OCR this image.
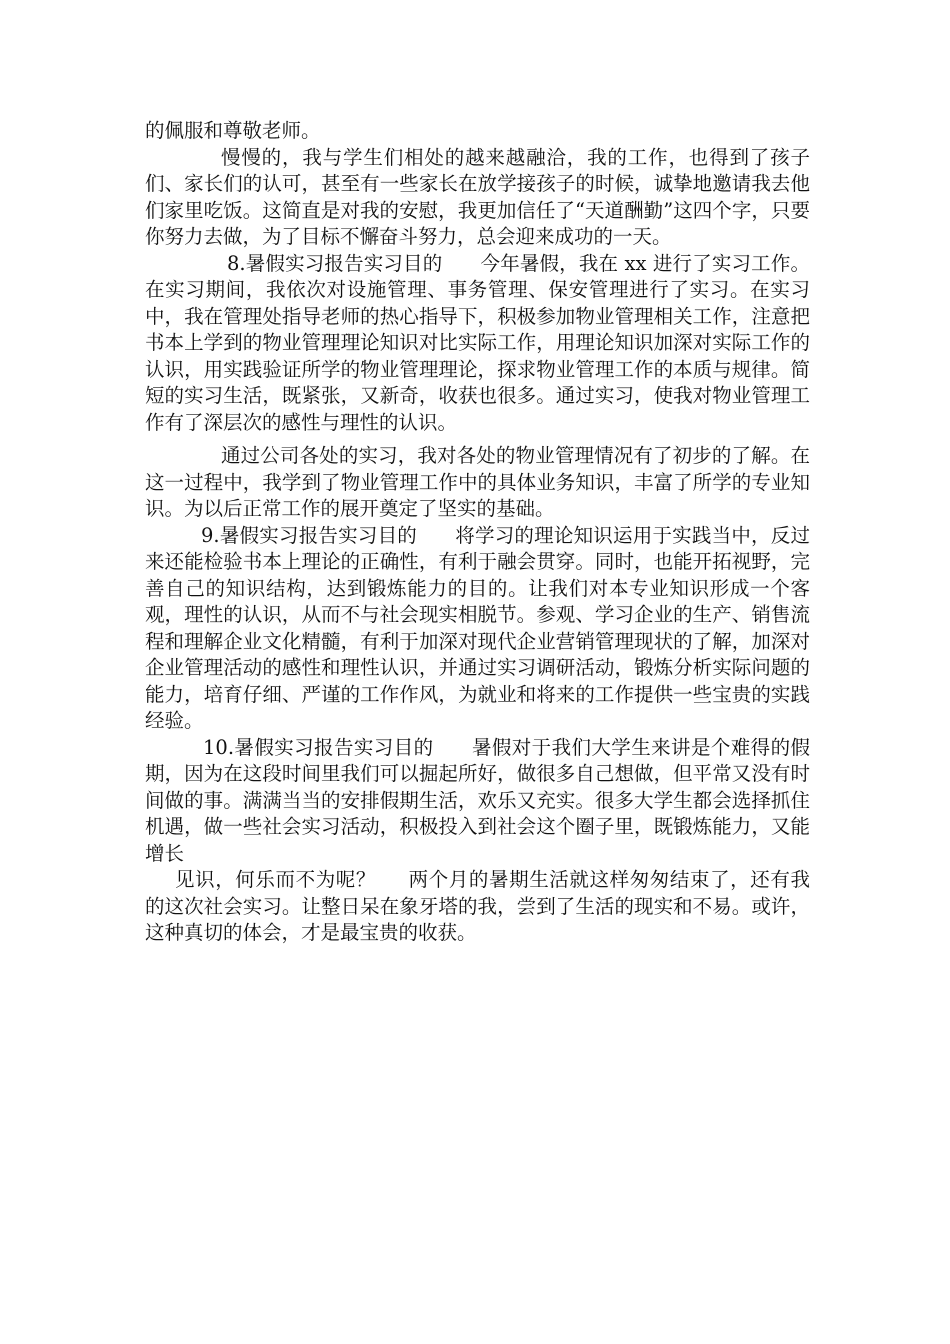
的佩服和尊敬老师。

慢慢的，我与学生们相处的越来越融洽，我的工作，也得到了孩子们、家长们的认可，甚至有一些家长在放学接孩子的时候，诚挚地邀请我去他们家里吃饭。这简直是对我的安慰，我更加信任了“天道酬勤”这四个字，只要你努力去做，为了目标不懈奋斗努力，总会迎来成功的一天。

8.暑假实习报告实习目的 今年暑假，我在 xx 进行了实习工作。在实习期间，我依次对设施管理、事务管理、保安管理进行了实习。在实习中，我在管理处指导老师的热心指导下，积极参加物业管理相关工作，注意把书本上学到的物业管理理论知识对比实际工作，用理论知识加深对实际工作的认识，用实践验证所学的物业管理理论，探求物业管理工作的本质与规律。简短的实习生活，既紧张，又新奇，收获也很多。通过实习，使我对物业管理工作有了深层次的感性与理性的认识。

通过公司各处的实习，我对各处的物业管理情况有了初步的了解。在这一过程中，我学到了物业管理工作中的具体业务知识，丰富了所学的专业知识。为以后正常工作的展开奠定了坚实的基础。

9.暑假实习报告实习目的 将学习的理论知识运用于实践当中，反过来还能检验书本上理论的正确性，有利于融会贯穿。同时，也能开拓视野，完善自己的知识结构，达到锻炼能力的目的。让我们对本专业知识形成一个客观，理性的认识，从而不与社会现实相脱节。参观、学习企业的生产、销售流程和理解企业文化精髓，有利于加深对现代企业营销管理现状的了解，加深对企业管理活动的感性和理性认识，并通过实习调研活动，锻炼分析实际问题的能力，培育仔细、严谨的工作作风，为就业和将来的工作提供一些宝贵的实践经验。

10.暑假实习报告实习目的 暑假对于我们大学生来讲是个难得的假期，因为在这段时间里我们可以掘起所好，做很多自己想做，但平常又没有时间做的事。满满当当的安排假期生活，欢乐又充实。很多大学生都会选择抓住机遇，做一些社会实习活动，积极投入到社会这个圈子里，既锻炼能力，又能增长

见识，何乐而不为呢？ 两个月的暑期生活就这样匆匆结束了，还有我的这次社会实习。让整日呆在象牙塔的我，尝到了生活的现实和不易。或许，这种真切的体会，才是最宝贵的收获。
